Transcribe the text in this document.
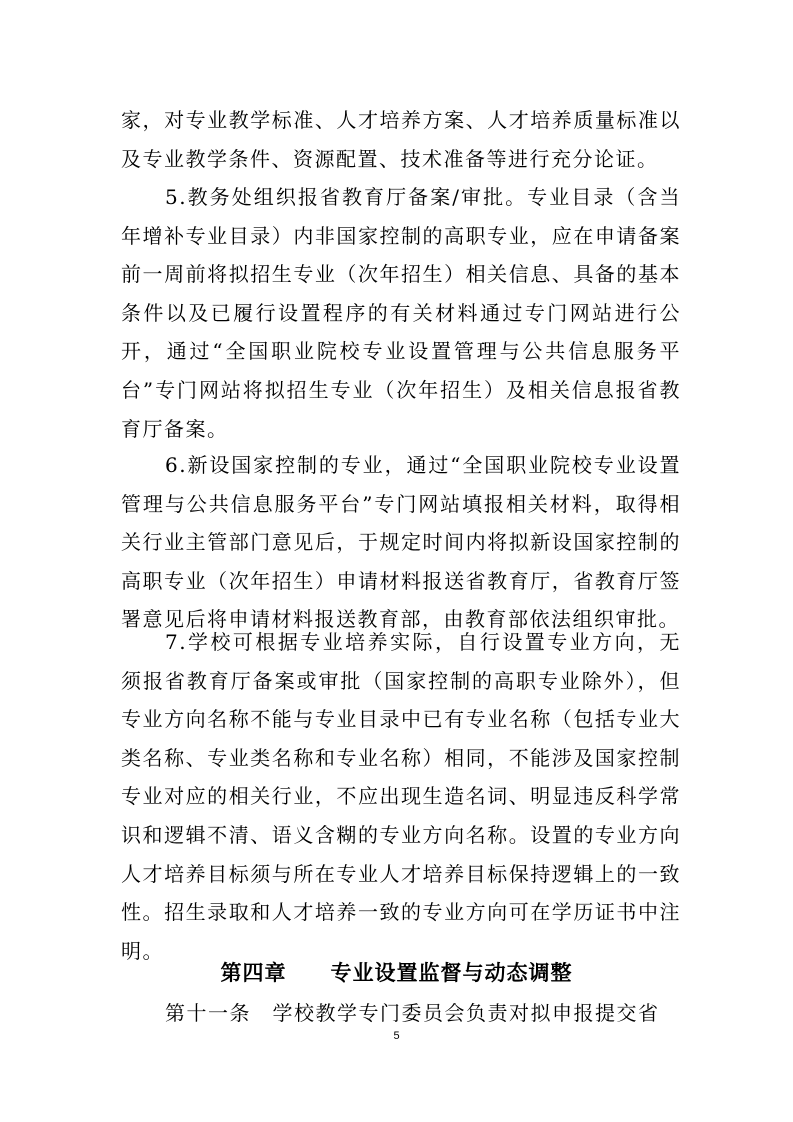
家，对专业教学标准、人才培养方案、人才培养质量标准以及专业教学条件、资源配置、技术准备等进行充分论证。

5.教务处组织报省教育厅备案/审批。专业目录（含当年增补专业目录）内非国家控制的高职专业，应在申请备案前一周前将拟招生专业（次年招生）相关信息、具备的基本条件以及已履行设置程序的有关材料通过专门网站进行公开，通过“全国职业院校专业设置管理与公共信息服务平台”专门网站将拟招生专业（次年招生）及相关信息报省教育厅备案。

6.新设国家控制的专业，通过“全国职业院校专业设置管理与公共信息服务平台”专门网站填报相关材料，取得相关行业主管部门意见后，于规定时间内将拟新设国家控制的高职专业（次年招生）申请材料报送省教育厅，省教育厅签署意见后将申请材料报送教育部，由教育部依法组织审批。

7.学校可根据专业培养实际，自行设置专业方向，无须报省教育厅备案或审批（国家控制的高职专业除外），但专业方向名称不能与专业目录中已有专业名称（包括专业大类名称、专业类名称和专业名称）相同，不能涉及国家控制专业对应的相关行业，不应出现生造名词、明显违反科学常识和逻辑不清、语义含糊的专业方向名称。设置的专业方向人才培养目标须与所在专业人才培养目标保持逻辑上的一致性。招生录取和人才培养一致的专业方向可在学历证书中注明。

第四章　　专业设置监督与动态调整

第十一条　学校教学专门委员会负责对拟申报提交省

5
